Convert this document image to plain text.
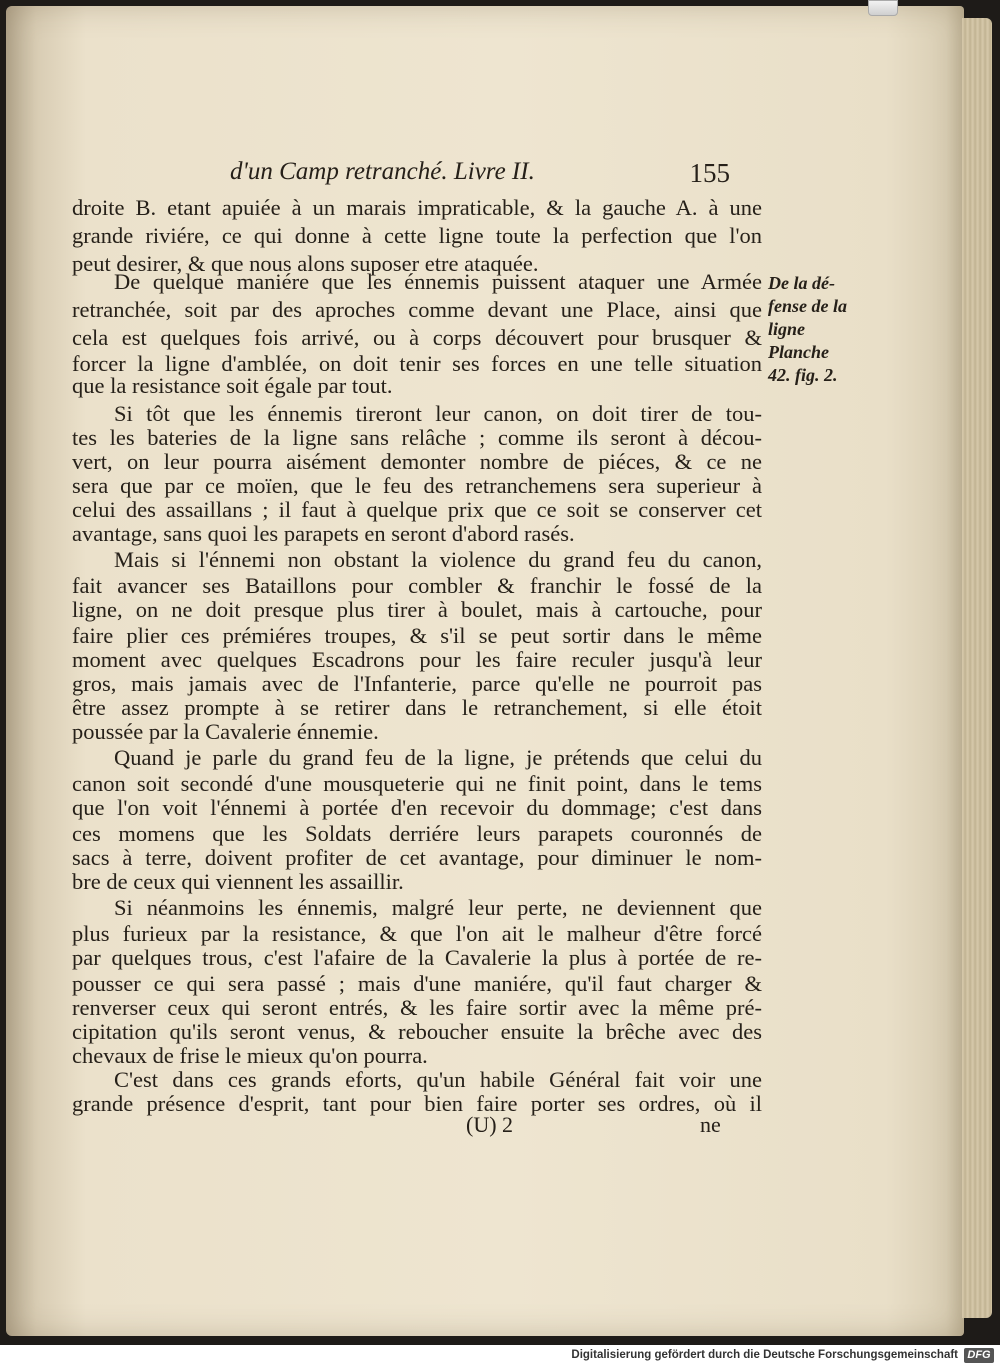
d'un Camp retranché. Livre II.	155
droite B. etant apuiée à un marais impraticable, & la gauche A. à une
grande riviére, ce qui donne à cette ligne toute la perfection que l'on
peut desirer, & que nous alons suposer etre ataquée.
De quelque maniére que les énnemis puissent ataquer une Armée
retranchée, soit par des aproches comme devant une Place, ainsi que
cela est quelques fois arrivé, ou à corps découvert pour brusquer &
forcer la ligne d'amblée, on doit tenir ses forces en une telle situation
que la resistance soit égale par tout.
Si tôt que les énnemis tireront leur canon, on doit tirer de tou-
tes les bateries de la ligne sans relâche ; comme ils seront à décou-
vert, on leur pourra aisément demonter nombre de piéces, & ce ne
sera que par ce moïen, que le feu des retranchemens sera superieur à
celui des assaillans ; il faut à quelque prix que ce soit se conserver cet
avantage, sans quoi les parapets en seront d'abord rasés.
Mais si l'énnemi non obstant la violence du grand feu du canon,
fait avancer ses Bataillons pour combler & franchir le fossé de la
ligne, on ne doit presque plus tirer à boulet, mais à cartouche, pour
faire plier ces prémiéres troupes, & s'il se peut sortir dans le même
moment avec quelques Escadrons pour les faire reculer jusqu'à leur
gros, mais jamais avec de l'Infanterie, parce qu'elle ne pourroit pas
être assez prompte à se retirer dans le retranchement, si elle étoit
poussée par la Cavalerie énnemie.
Quand je parle du grand feu de la ligne, je prétends que celui du
canon soit secondé d'une mousqueterie qui ne finit point, dans le tems
que l'on voit l'énnemi à portée d'en recevoir du dommage; c'est dans
ces momens que les Soldats derriére leurs parapets couronnés de
sacs à terre, doivent profiter de cet avantage, pour diminuer le nom-
bre de ceux qui viennent les assaillir.
Si néanmoins les énnemis, malgré leur perte, ne deviennent que
plus furieux par la resistance, & que l'on ait le malheur d'être forcé
par quelques trous, c'est l'afaire de la Cavalerie la plus à portée de re-
pousser ce qui sera passé ; mais d'une maniére, qu'il faut charger &
renverser ceux qui seront entrés, & les faire sortir avec la même pré-
cipitation qu'ils seront venus, & reboucher ensuite la brêche avec des
chevaux de frise le mieux qu'on pourra.
C'est dans ces grands eforts, qu'un habile Général fait voir une
grande présence d'esprit, tant pour bien faire porter ses ordres, où il
De la dé-
fense de la
ligne
Planche
42. fig. 2.
(U) 2	ne
Digitalisierung gefördert durch die Deutsche Forschungsgemeinschaft DFG
